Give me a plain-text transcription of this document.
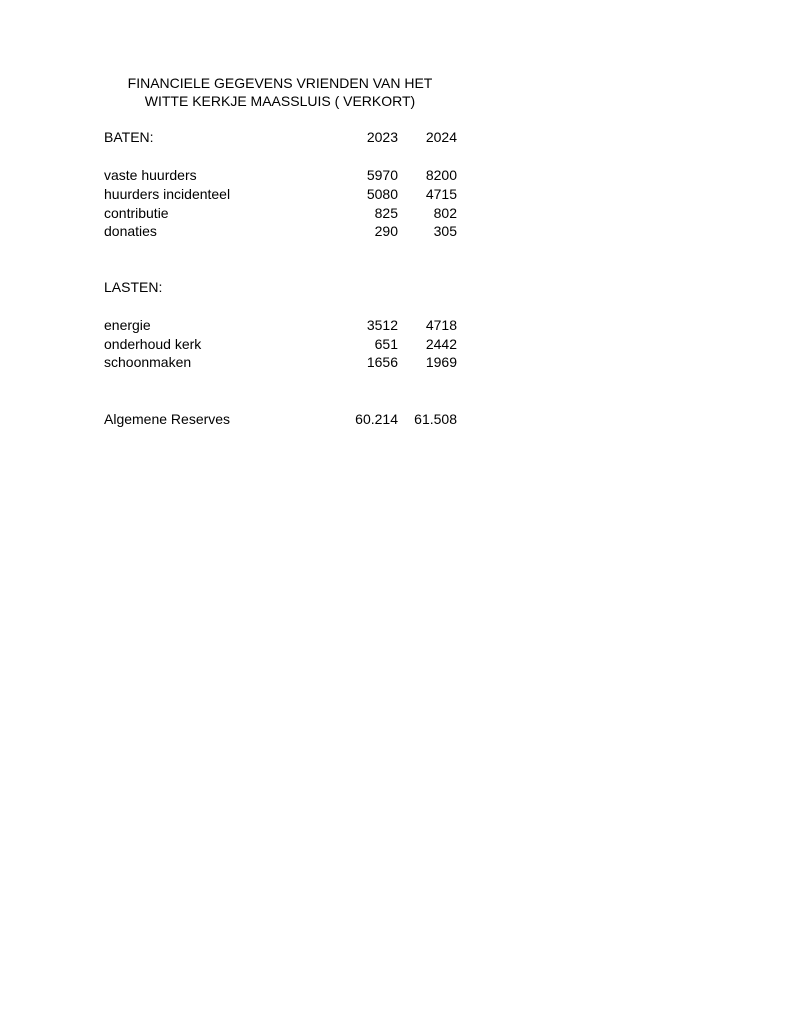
FINANCIELE GEGEVENS VRIENDEN VAN HET
WITTE KERKJE MAASSLUIS ( VERKORT)
BATEN:	2023 2024
vaste huurders	5970 8200
huurders incidenteel	5080 4715
contributie	825	802
donaties	290	305
LASTEN:
energie	3512 4718
onderhoud kerk	651 2442
schoonmaken	1656 1969
Algemene Reserves	60.214 61.508
